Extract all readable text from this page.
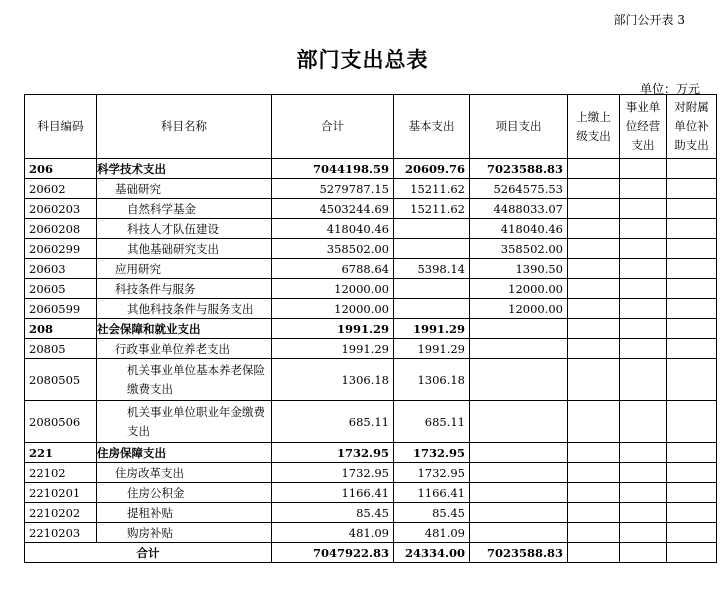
部门公开表 3
部门支出总表
单位：万元
科目编码	科目名称	合计	基本支出	项目支出	上缴上级支出	事业单位经营支出	对附属单位补助支出
206	科学技术支出	7044198.59	20609.76	7023588.83			
20602	基础研究	5279787.15	15211.62	5264575.53			
2060203	自然科学基金	4503244.69	15211.62	4488033.07			
2060208	科技人才队伍建设	418040.46		418040.46			
2060299	其他基础研究支出	358502.00		358502.00			
20603	应用研究	6788.64	5398.14	1390.50			
20605	科技条件与服务	12000.00		12000.00			
2060599	其他科技条件与服务支出	12000.00		12000.00			
208	社会保障和就业支出	1991.29	1991.29				
20805	行政事业单位养老支出	1991.29	1991.29				
2080505	机关事业单位基本养老保险缴费支出	1306.18	1306.18				
2080506	机关事业单位职业年金缴费支出	685.11	685.11				
221	住房保障支出	1732.95	1732.95				
22102	住房改革支出	1732.95	1732.95				
2210201	住房公积金	1166.41	1166.41				
2210202	提租补贴	85.45	85.45				
2210203	购房补贴	481.09	481.09				
合计		7047922.83	24334.00	7023588.83			
